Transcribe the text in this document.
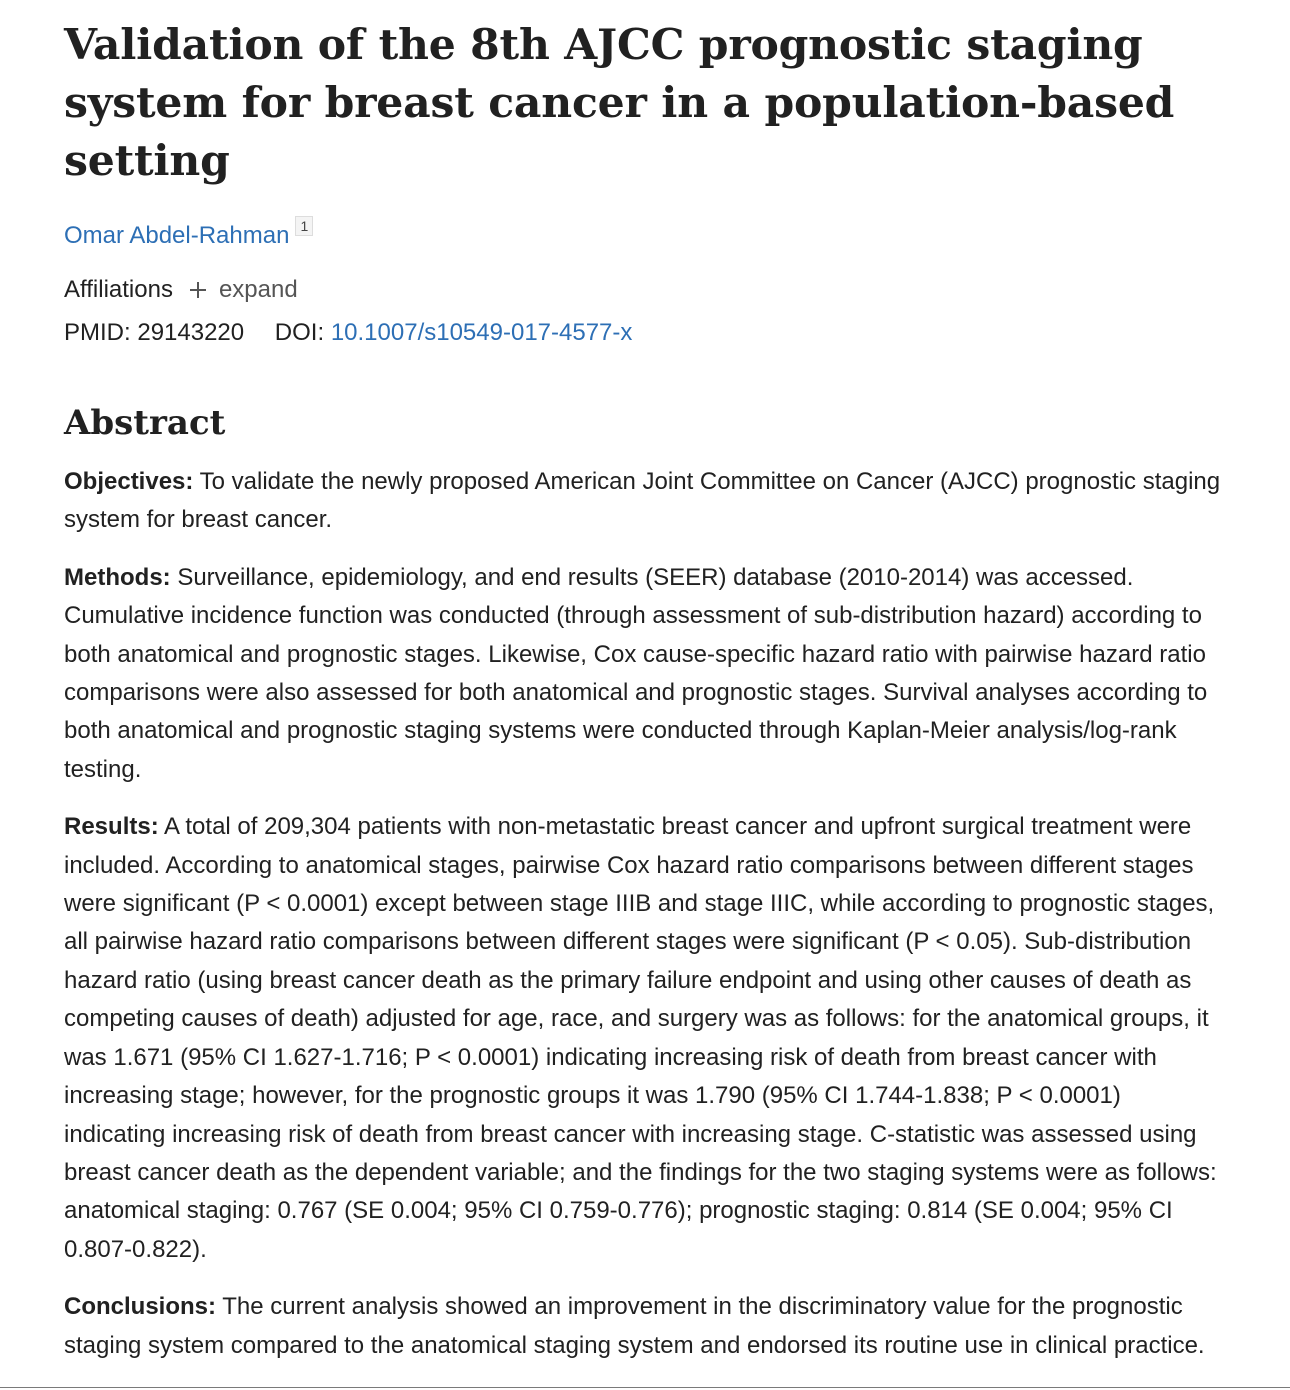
Validation of the 8th AJCC prognostic staging system for breast cancer in a population-based setting
Omar Abdel-Rahman 1
Affiliations expand
PMID: 29143220 DOI: 10.1007/s10549-017-4577-x
Abstract

Objectives: To validate the newly proposed American Joint Committee on Cancer (AJCC) prognostic staging system for breast cancer.

Methods: Surveillance, epidemiology, and end results (SEER) database (2010-2014) was accessed. Cumulative incidence function was conducted (through assessment of sub-distribution hazard) according to both anatomical and prognostic stages. Likewise, Cox cause-specific hazard ratio with pairwise hazard ratio comparisons were also assessed for both anatomical and prognostic stages. Survival analyses according to both anatomical and prognostic staging systems were conducted through Kaplan-Meier analysis/log-rank testing.

Results: A total of 209,304 patients with non-metastatic breast cancer and upfront surgical treatment were included. According to anatomical stages, pairwise Cox hazard ratio comparisons between different stages were significant (P < 0.0001) except between stage IIIB and stage IIIC, while according to prognostic stages, all pairwise hazard ratio comparisons between different stages were significant (P < 0.05). Sub-distribution hazard ratio (using breast cancer death as the primary failure endpoint and using other causes of death as competing causes of death) adjusted for age, race, and surgery was as follows: for the anatomical groups, it was 1.671 (95% CI 1.627-1.716; P < 0.0001) indicating increasing risk of death from breast cancer with increasing stage; however, for the prognostic groups it was 1.790 (95% CI 1.744-1.838; P < 0.0001) indicating increasing risk of death from breast cancer with increasing stage. C-statistic was assessed using breast cancer death as the dependent variable; and the findings for the two staging systems were as follows: anatomical staging: 0.767 (SE 0.004; 95% CI 0.759-0.776); prognostic staging: 0.814 (SE 0.004; 95% CI 0.807-0.822).

Conclusions: The current analysis showed an improvement in the discriminatory value for the prognostic staging system compared to the anatomical staging system and endorsed its routine use in clinical practice.
